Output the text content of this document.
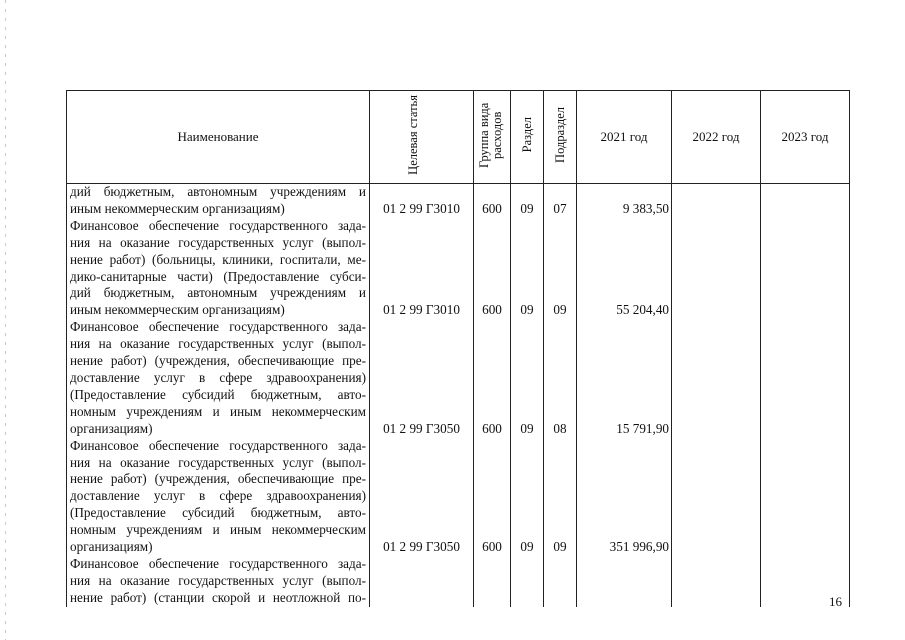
Наименование	Целевая статья	Группа вида расходов	Раздел	Подраздел	2021 год	2022 год	2023 год
дий бюджетным, автономным учреждениям и							
иным некоммерческим организациям)	01 2 99 Г3010	600	09	07	9 383,50		
Финансовое обеспечение государственного зада-							
ния на оказание государственных услуг (выпол-							
нение работ) (больницы, клиники, госпитали, ме-							
дико-санитарные части) (Предоставление субси-							
дий бюджетным, автономным учреждениям и							
иным некоммерческим организациям)	01 2 99 Г3010	600	09	09	55 204,40		
Финансовое обеспечение государственного зада-							
ния на оказание государственных услуг (выпол-							
нение работ) (учреждения, обеспечивающие пре-							
доставление услуг в сфере здравоохранения)							
(Предоставление субсидий бюджетным, авто-							
номным учреждениям и иным некоммерческим							
организациям)	01 2 99 Г3050	600	09	08	15 791,90		
Финансовое обеспечение государственного зада-							
ния на оказание государственных услуг (выпол-							
нение работ) (учреждения, обеспечивающие пре-							
доставление услуг в сфере здравоохранения)							
(Предоставление субсидий бюджетным, авто-							
номным учреждениям и иным некоммерческим							
организациям)	01 2 99 Г3050	600	09	09	351 996,90		
Финансовое обеспечение государственного зада-							
ния на оказание государственных услуг (выпол-							
нение работ) (станции скорой и неотложной по-								16
